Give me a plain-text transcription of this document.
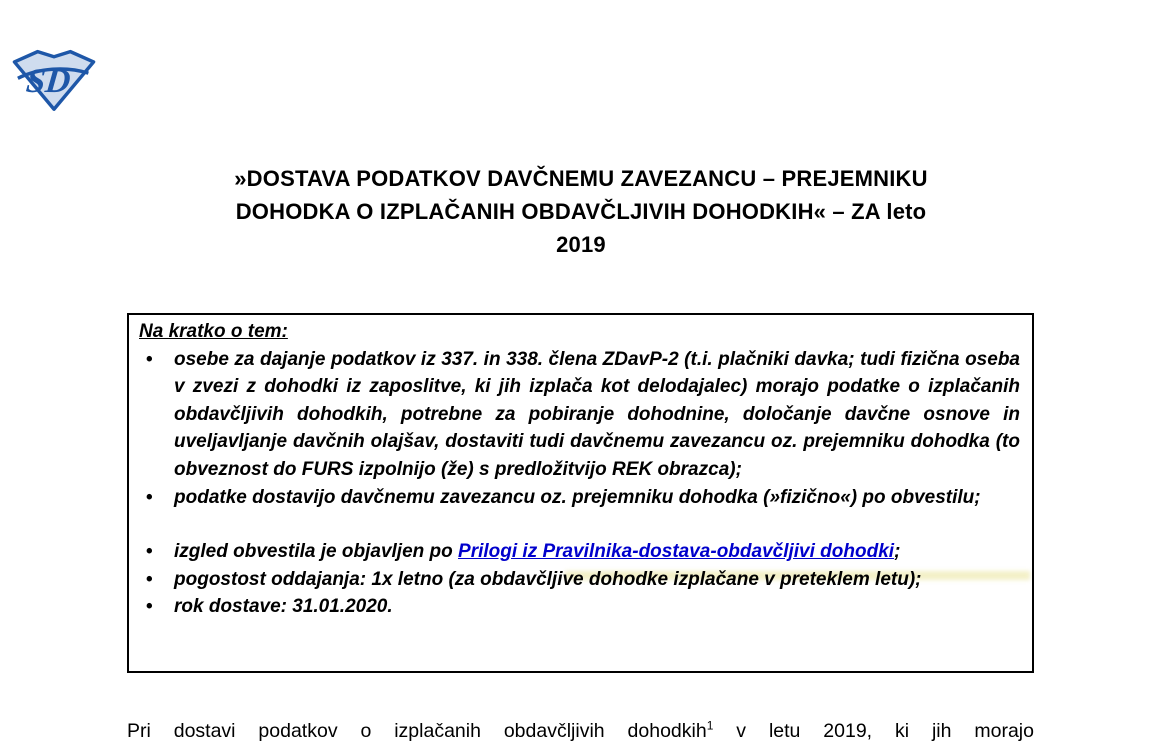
SD
»DOSTAVA PODATKOV DAVČNEMU ZAVEZANCU – PREJEMNIKU
DOHODKA O IZPLAČANIH OBDAVČLJIVIH DOHODKIH« – ZA leto
2019
Na kratko o tem:
•	osebe za dajanje podatkov iz 337. in 338. člena ZDavP-2 (t.i. plačniki davka; tudi fizična oseba v zvezi z dohodki iz zaposlitve, ki jih izplača kot delodajalec) morajo podatke o izplačanih obdavčljivih dohodkih, potrebne za pobiranje dohodnine, določanje davčne osnove in uveljavljanje davčnih olajšav, dostaviti tudi davčnemu zavezancu oz. prejemniku dohodka (to obveznost do FURS izpolnijo (že) s predložitvijo REK obrazca);
•	podatke dostavijo davčnemu zavezancu oz. prejemniku dohodka (»fizično«) po obvestilu;
•	izgled obvestila je objavljen po Prilogi iz Pravilnika-dostava-obdavčljivi dohodki;
•	pogostost oddajanja: 1x letno (za obdavčljive dohodke izplačane v preteklem letu);
•	rok dostave: 31.01.2020.
Pri dostavi podatkov o izplačanih obdavčljivih dohodkih$^1$ v letu 2019, ki jih morajo
